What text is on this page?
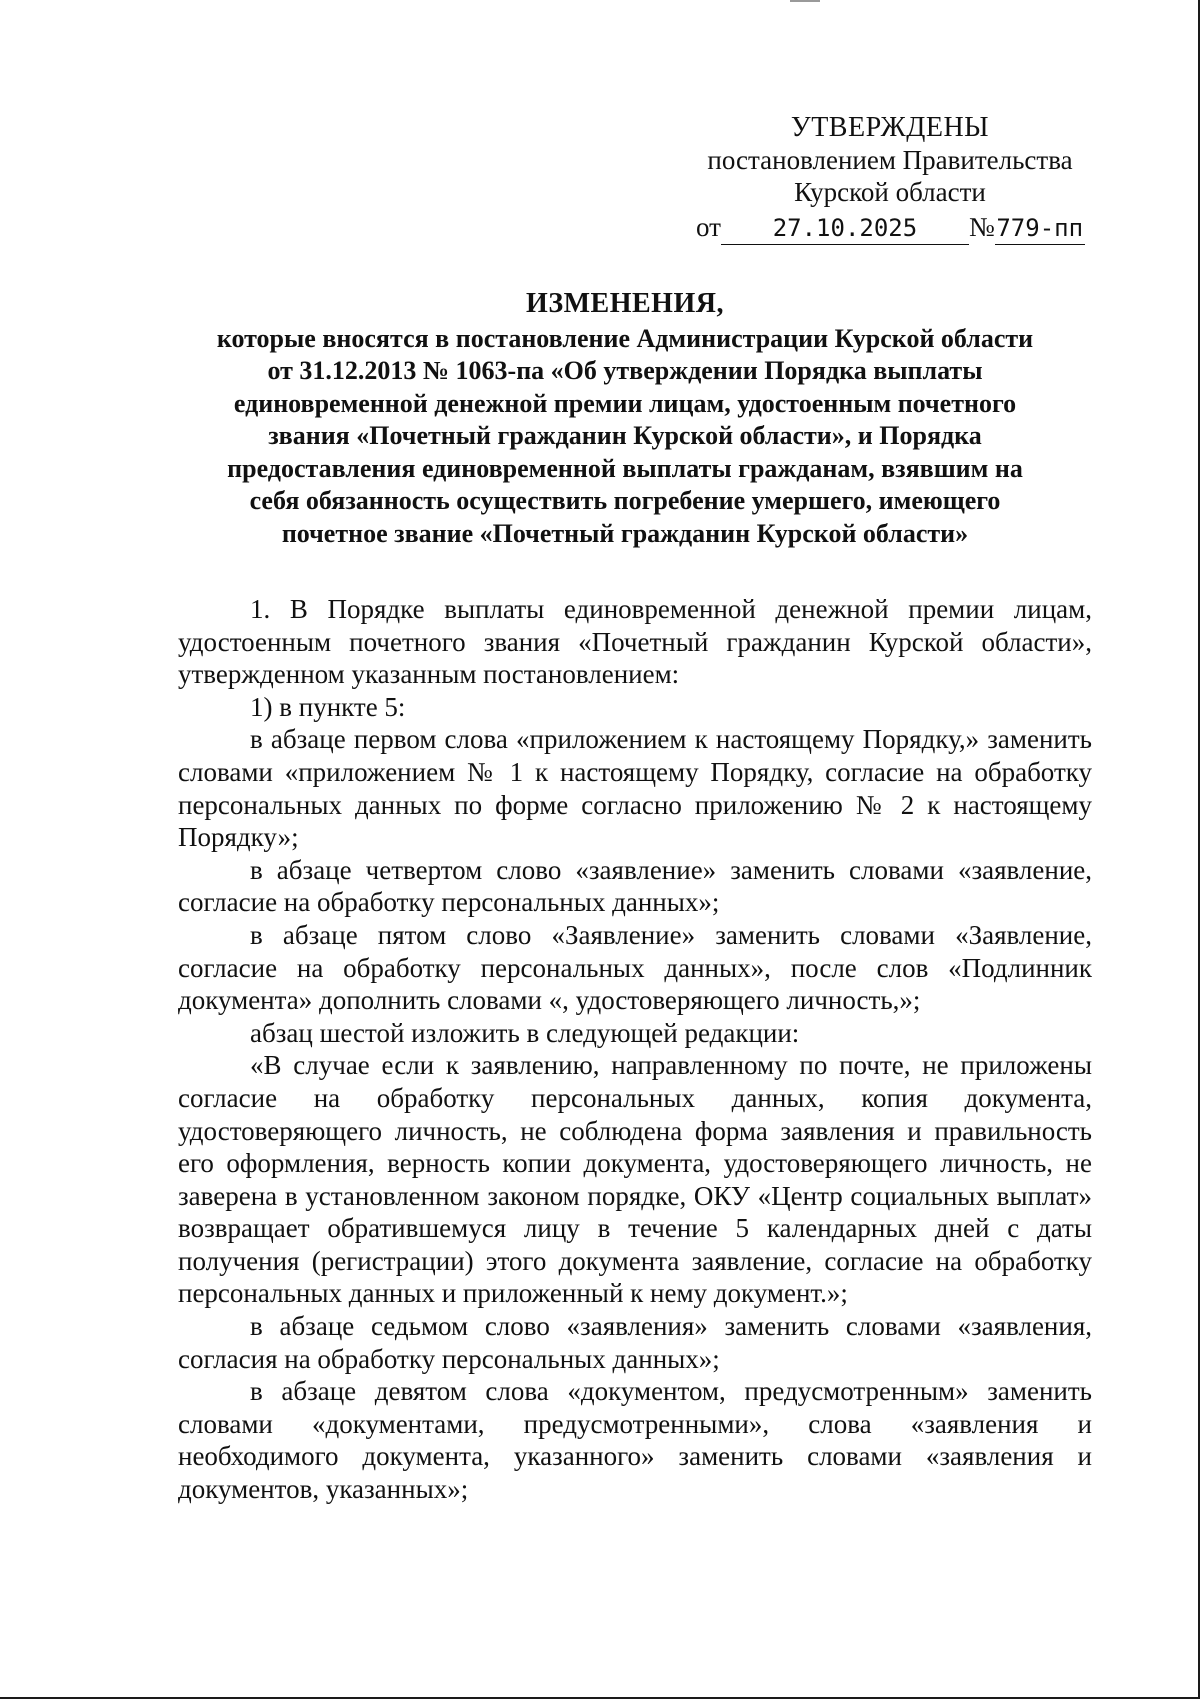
УТВЕРЖДЕНЫ
постановлением Правительства
Курской области
от 27.10.2025 №779-пп
ИЗМЕНЕНИЯ,
которые вносятся в постановление Администрации Курской области
от 31.12.2013 № 1063-па «Об утверждении Порядка выплаты
единовременной денежной премии лицам, удостоенным почетного
звания «Почетный гражданин Курской области», и Порядка
предоставления единовременной выплаты гражданам, взявшим на
себя обязанность осуществить погребение умершего, имеющего
почетное звание «Почетный гражданин Курской области»

1. В Порядке выплаты единовременной денежной премии лицам, удостоенным почетного звания «Почетный гражданин Курской области», утвержденном указанным постановлением:

1) в пункте 5:

в абзаце первом слова «приложением к настоящему Порядку,» заменить словами «приложением № 1 к настоящему Порядку, согласие на обработку персональных данных по форме согласно приложению № 2 к настоящему Порядку»;

в абзаце четвертом слово «заявление» заменить словами «заявление, согласие на обработку персональных данных»;

в абзаце пятом слово «Заявление» заменить словами «Заявление, согласие на обработку персональных данных», после слов «Подлинник документа» дополнить словами «, удостоверяющего личность,»;

абзац шестой изложить в следующей редакции:

«В случае если к заявлению, направленному по почте, не приложены согласие на обработку персональных данных, копия документа, удостоверяющего личность, не соблюдена форма заявления и правильность его оформления, верность копии документа, удостоверяющего личность, не заверена в установленном законом порядке, ОКУ «Центр социальных выплат» возвращает обратившемуся лицу в течение 5 календарных дней с даты получения (регистрации) этого документа заявление, согласие на обработку персональных данных и приложенный к нему документ.»;

в абзаце седьмом слово «заявления» заменить словами «заявления, согласия на обработку персональных данных»;

в абзаце девятом слова «документом, предусмотренным» заменить словами «документами, предусмотренными», слова «заявления и необходимого документа, указанного» заменить словами «заявления и документов, указанных»;
